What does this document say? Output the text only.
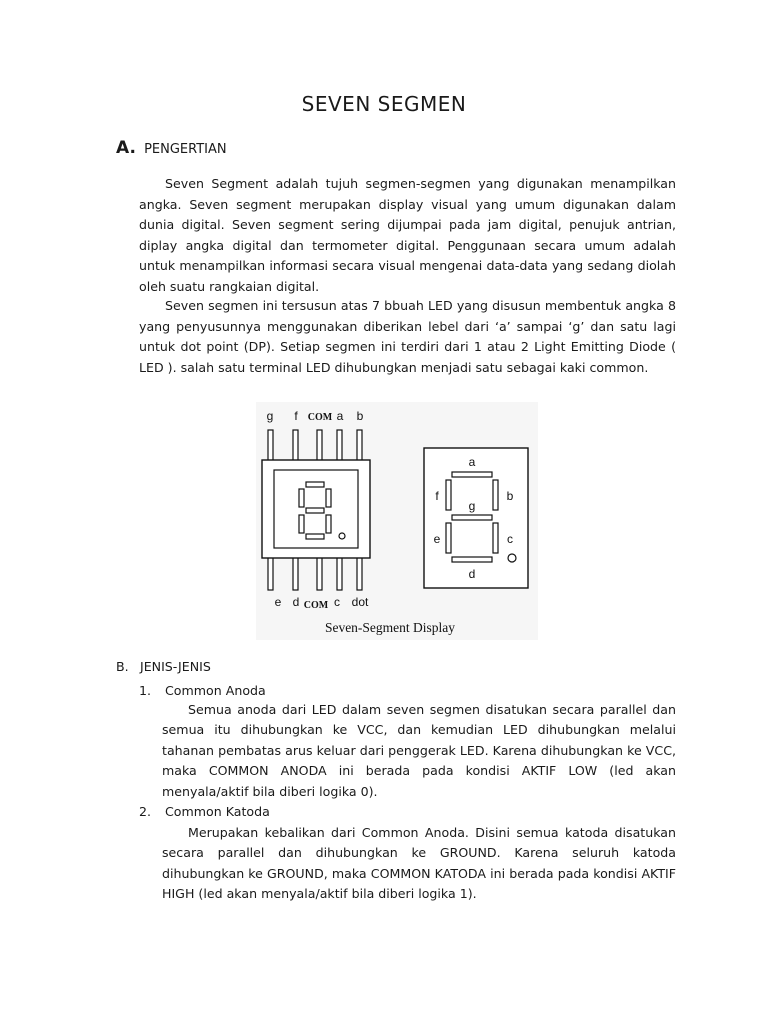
SEVEN SEGMEN
A. PENGERTIAN
Seven Segment adalah tujuh segmen-segmen yang digunakan menampilkan angka. Seven segment merupakan display visual yang umum digunakan dalam dunia digital. Seven segment sering dijumpai pada jam digital, penujuk antrian, diplay angka digital dan termometer digital. Penggunaan secara umum adalah untuk menampilkan informasi secara visual mengenai data-data yang sedang diolah oleh suatu rangkaian digital.
Seven segmen ini tersusun atas 7 bbuah LED yang disusun membentuk angka 8 yang penyusunnya menggunakan diberikan lebel dari ‘a’ sampai ‘g’ dan satu lagi untuk dot point (DP). Setiap segmen ini terdiri dari 1 atau 2 Light Emitting Diode ( LED ). salah satu terminal LED dihubungkan menjadi satu sebagai kaki common.
g f COM a b
e d COM c dot
a
b
c
d
e
f
g
Seven-Segment Display
B. JENIS-JENIS
1. Common Anoda
Semua anoda dari LED dalam seven segmen disatukan secara parallel dan semua itu dihubungkan ke VCC, dan kemudian LED dihubungkan melalui tahanan pembatas arus keluar dari penggerak LED. Karena dihubungkan ke VCC, maka COMMON ANODA ini berada pada kondisi AKTIF LOW (led akan menyala/aktif bila diberi logika 0).
2. Common Katoda
Merupakan kebalikan dari Common Anoda. Disini semua katoda disatukan secara parallel dan dihubungkan ke GROUND. Karena seluruh katoda dihubungkan ke GROUND, maka COMMON KATODA ini berada pada kondisi AKTIF HIGH (led akan menyala/aktif bila diberi logika 1).
